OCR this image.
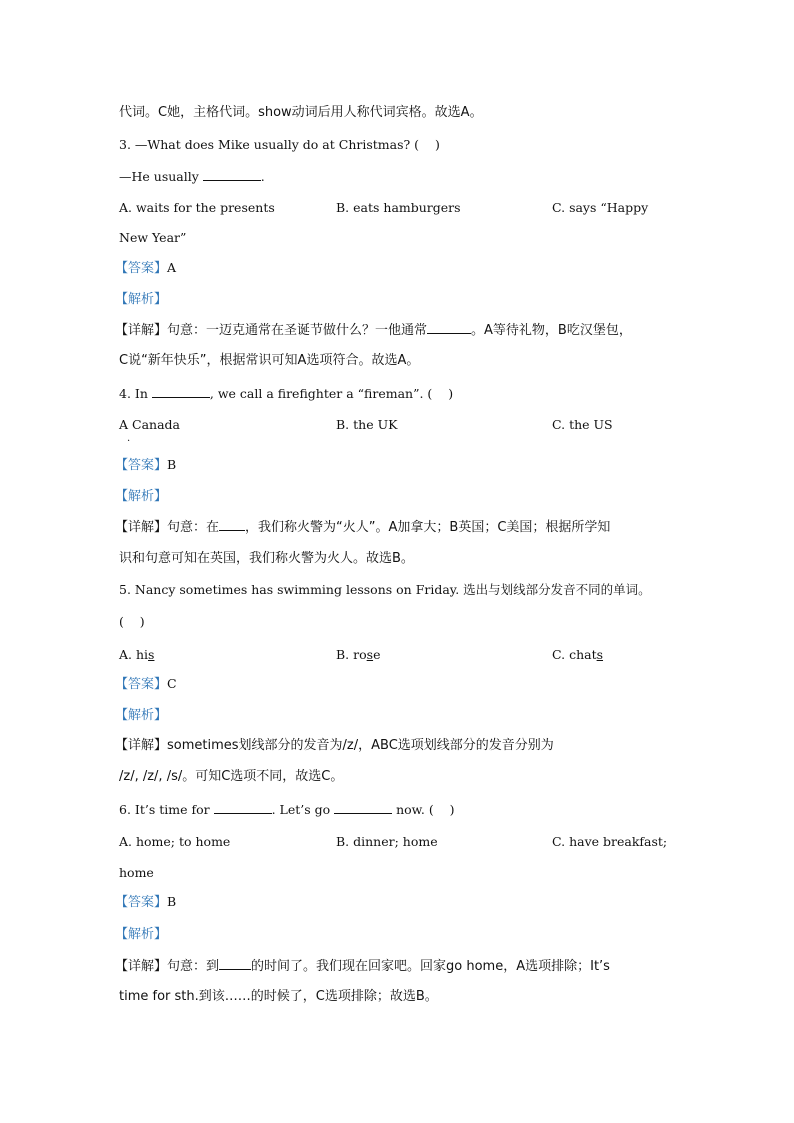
代词。C她，主格代词。show动词后用人称代词宾格。故选A。
3. —What does Mike usually do at Christmas? (    )
—He usually	.
A. waits for the presents	B. eats hamburgers	C. says “Happy
New Year”
【答案】A
【解析】
【详解】句意：一迈克通常在圣诞节做什么？一他通常	。A等待礼物，B吃汉堡包，
C说“新年快乐”，根据常识可知A选项符合。故选A。
4. In	, we call a firefighter a “fireman”. (    )
A Canada
.
B. the UK	C. the US
【答案】B
【解析】
【详解】句意：在 ，我们称火警为“火人”。A加拿大；B英国；C美国；根据所学知
识和句意可知在英国，我们称火警为火人。故选B。
5. Nancy sometimes has swimming lessons on Friday. 选出与划线部分发音不同的单词。
(    )
A. his	B. rose	C. chats
【答案】C
【解析】
【详解】sometimes划线部分的发音为/z/，ABC选项划线部分的发音分别为
/z/, /z/, /s/。可知C选项不同，故选C。
6. It’s time for	. Let’s go	now. (    )
A. home; to home	B. dinner; home	C. have breakfast;
home
【答案】B
【解析】
【详解】句意：到 的时间了。我们现在回家吧。回家go home，A选项排除；It’s
time for sth.到该……的时候了，C选项排除；故选B。
